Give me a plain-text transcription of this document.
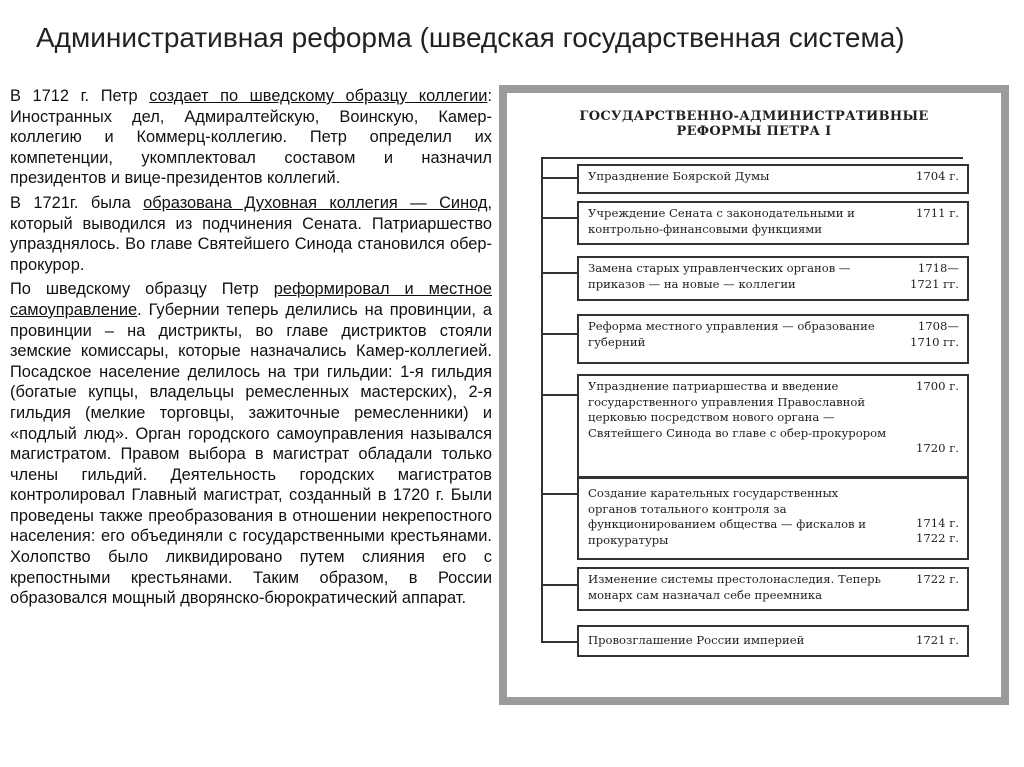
Административная реформа (шведская государственная система)

В 1712 г. Петр создает по шведскому образцу коллегии: Иностранных дел, Адмиралтейскую, Воинскую, Камер-коллегию и Коммерц-коллегию. Петр определил их компетенции, укомплектовал составом и назначил президентов и вице-президентов коллегий.

В 1721г. была образована Духовная коллегия — Синод, который выводился из подчинения Сената. Патриаршество упразднялось. Во главе Святейшего Синода становился обер-прокурор.

По шведскому образцу Петр реформировал и местное самоуправление. Губернии теперь делились на провинции, а провинции – на дистрикты, во главе дистриктов стояли земские комиссары, которые назначались Камер-коллегией. Посадское население делилось на три гильдии: 1-я гильдия (богатые купцы, владельцы ремесленных мастерских), 2-я гильдия (мелкие торговцы, зажиточные ремесленники) и «подлый люд». Орган городского самоуправления назывался магистратом. Правом выбора в магистрат обладали только члены гильдий. Деятельность городских магистратов контролировал Главный магистрат, созданный в 1720 г. Были проведены также преобразования в отношении некрепостного населения: его объединяли с государственными крестьянами. Холопство было ликвидировано путем слияния его с крепостными крестьянами. Таким образом, в России образовался мощный дворянско-бюрократический аппарат.

ГОСУДАРСТВЕННО-АДМИНИСТРАТИВНЫЕ
РЕФОРМЫ ПЕТРА I
Упразднение Боярской Думы	1704 г.
Учреждение Сената с законодательными и контрольно-финансовыми функциями
1711 г.
Замена старых управленческих органов — приказов — на новые — коллегии
1718—1721 гг.
Реформа местного управления — образование губерний
1708—1710 гг.
Упразднение патриаршества и введение государственного управления Православной церковью посредством нового органа — Святейшего Синода во главе с обер-прокурором
1700 г.
1720 г.
Создание карательных государственных органов тотального контроля за функционированием общества — фискалов и прокуратуры
1714 г.
1722 г.
Изменение системы престолонаследия. Теперь монарх сам назначал себе преемника
1722 г.
Провозглашение России империей	1721 г.
